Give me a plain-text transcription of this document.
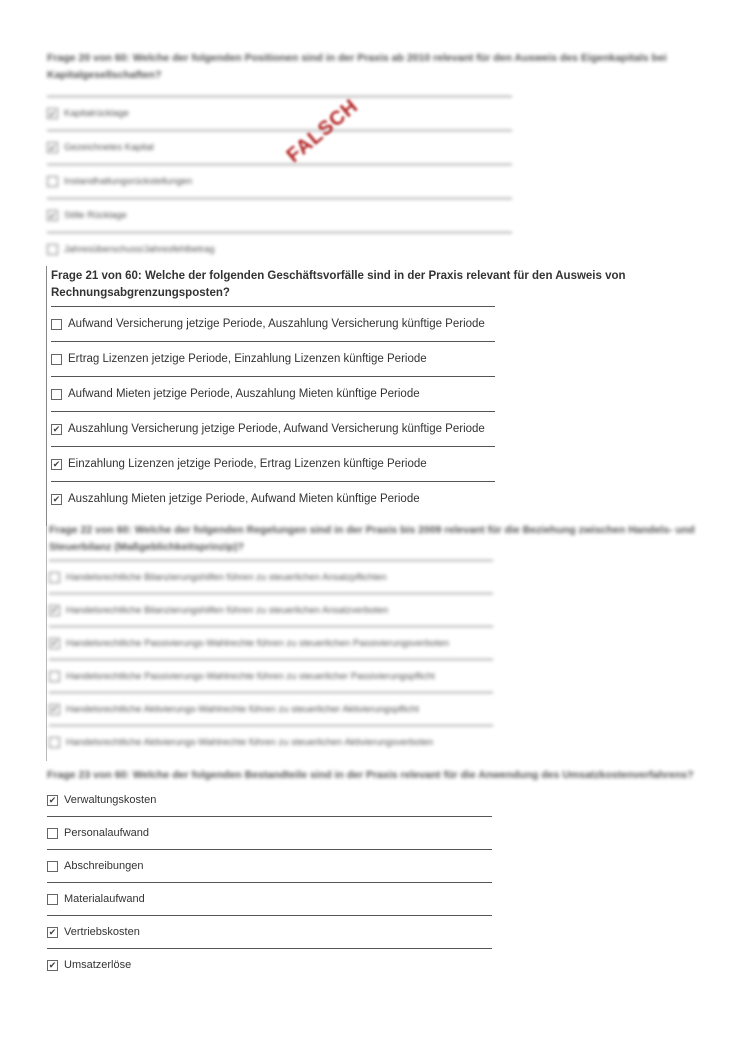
Frage 20 von 60: Welche der folgenden Positionen sind in der Praxis ab 2010 relevant für den Ausweis des Eigenkapitals bei Kapitalgesellschaften?
✔
Kapitalrücklage
✔
Gezeichnetes Kapital
Instandhaltungsrückstellungen
✔
Stille Rücklage
Jahresüberschuss/Jahresfehlbetrag
FALSCH
Frage 21 von 60: Welche der folgenden Geschäftsvorfälle sind in der Praxis relevant für den Ausweis von Rechnungsabgrenzungsposten?
Aufwand Versicherung jetzige Periode, Auszahlung Versicherung künftige Periode
Ertrag Lizenzen jetzige Periode, Einzahlung Lizenzen künftige Periode
Aufwand Mieten jetzige Periode, Auszahlung Mieten künftige Periode
✔
Auszahlung Versicherung jetzige Periode, Aufwand Versicherung künftige Periode
✔
Einzahlung Lizenzen jetzige Periode, Ertrag Lizenzen künftige Periode
✔
Auszahlung Mieten jetzige Periode, Aufwand Mieten künftige Periode
Frage 22 von 60: Welche der folgenden Regelungen sind in der Praxis bis 2009 relevant für die Beziehung zwischen Handels- und Steuerbilanz (Maßgeblichkeitsprinzip)?
Handelsrechtliche Bilanzierungshilfen führen zu steuerlichen Ansatzpflichten
✔
Handelsrechtliche Bilanzierungshilfen führen zu steuerlichen Ansatzverboten
✔
Handelsrechtliche Passivierungs-Wahlrechte führen zu steuerlichen Passivierungsverboten
Handelsrechtliche Passivierungs-Wahlrechte führen zu steuerlicher Passivierungspflicht
✔
Handelsrechtliche Aktivierungs-Wahlrechte führen zu steuerlicher Aktivierungspflicht
Handelsrechtliche Aktivierungs-Wahlrechte führen zu steuerlichen Aktivierungsverboten
Frage 23 von 60: Welche der folgenden Bestandteile sind in der Praxis relevant für die Anwendung des Umsatzkostenverfahrens?
✔
Verwaltungskosten
Personalaufwand
Abschreibungen
Materialaufwand
✔
Vertriebskosten
✔
Umsatzerlöse
